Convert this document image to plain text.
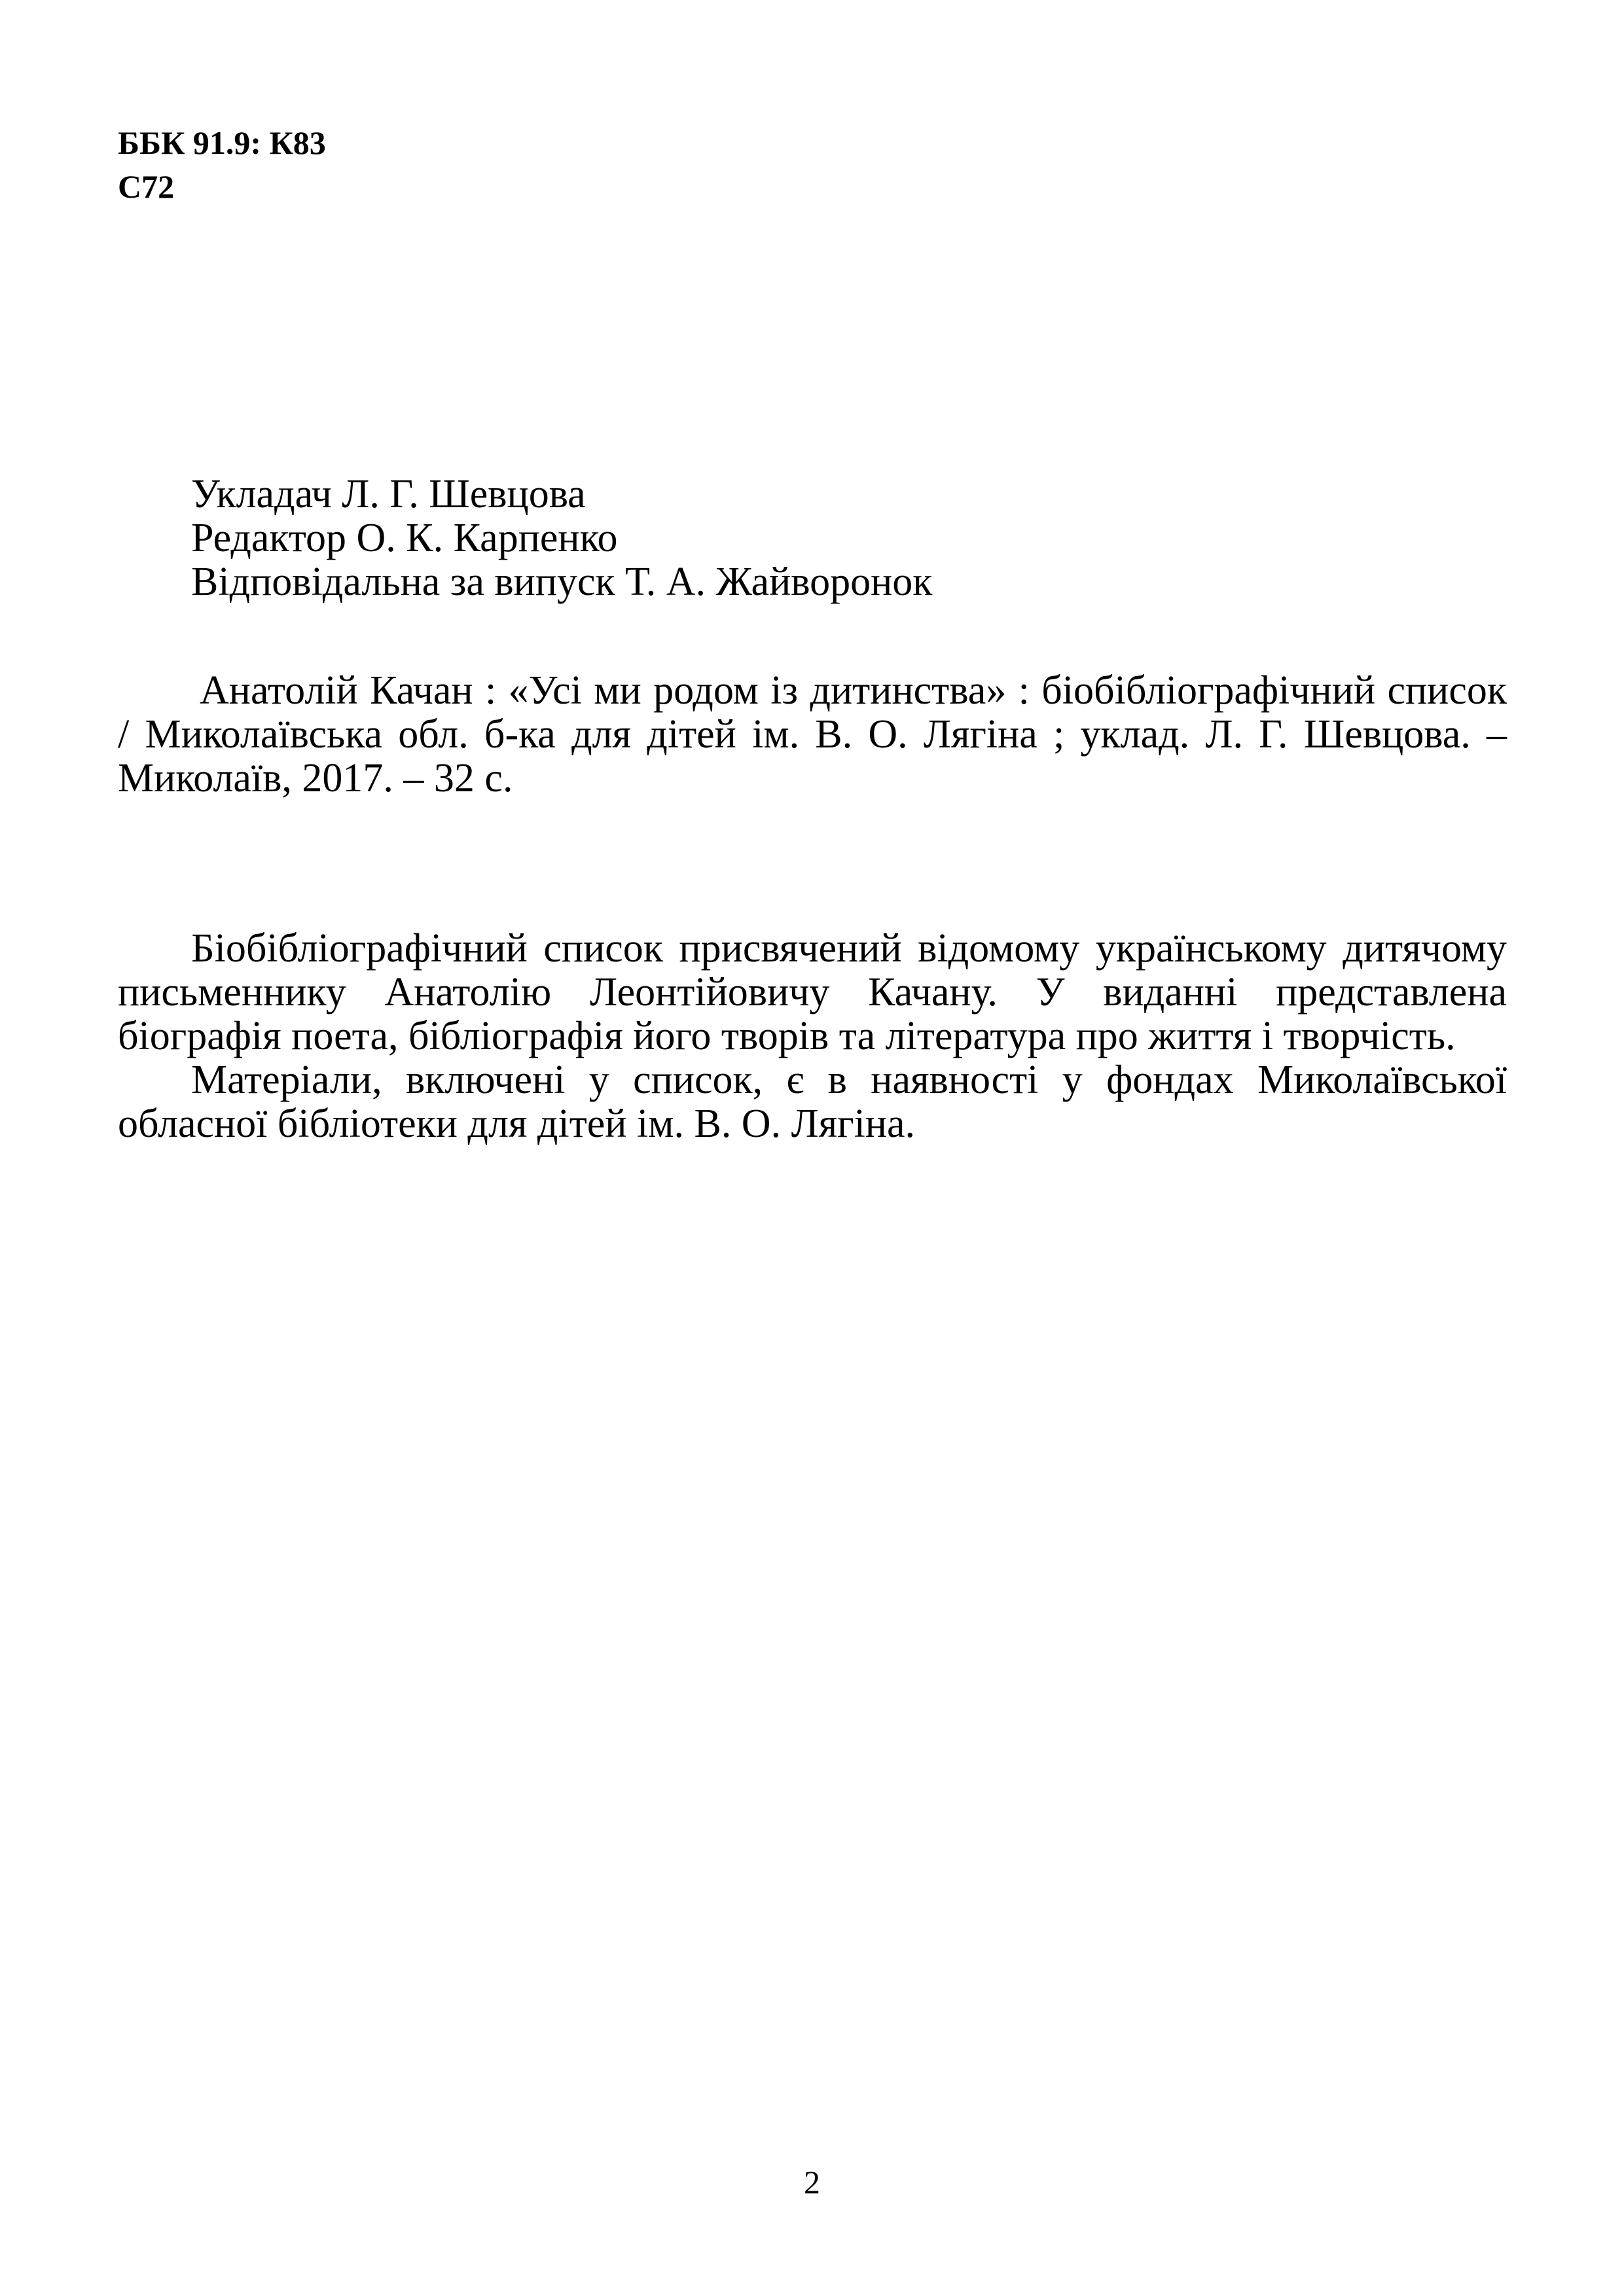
ББК 91.9: К83
С72
Укладач Л. Г. Шевцова
Редактор О. К. Карпенко
Відповідальна за випуск Т. А. Жайворонок

Анатолій Качан : «Усі ми родом із дитинства» : біобібліографічний список / Миколаївська обл. б-ка для дітей ім. В. О. Лягіна ; уклад. Л. Г. Шевцова. – Миколаїв, 2017. – 32 с.

Біобібліографічний список присвячений відомому українському дитячому письменнику Анатолію Леонтійовичу Качану. У виданні представлена біографія поета, бібліографія його творів та література про життя і творчість.

Матеріали, включені у список, є в наявності у фондах Миколаївської обласної бібліотеки для дітей ім. В. О. Лягіна.

2
